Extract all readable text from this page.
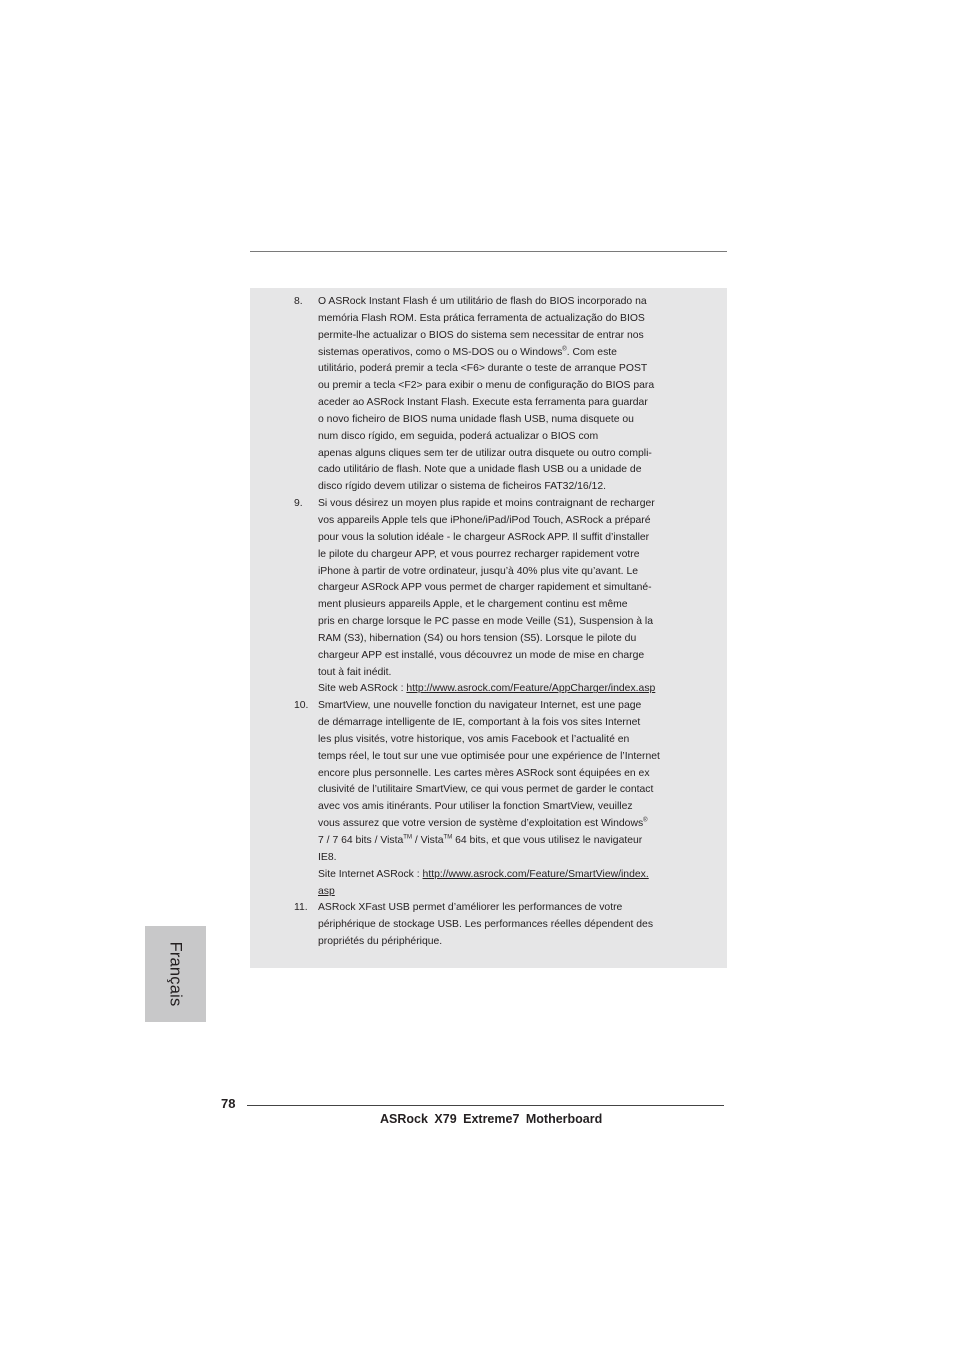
8. O ASRock Instant Flash é um utilitário de flash do BIOS incorporado na

memória Flash ROM. Esta prática ferramenta de actualização do BIOS

permite-lhe actualizar o BIOS do sistema sem necessitar de entrar nos

sistemas operativos, como o MS-DOS ou o Windows®. Com este

utilitário, poderá premir a tecla <F6> durante o teste de arranque POST

ou premir a tecla <F2> para exibir o menu de configuração do BIOS para

aceder ao ASRock Instant Flash. Execute esta ferramenta para guardar

o novo ficheiro de BIOS numa unidade flash USB, numa disquete ou

num disco rígido, em seguida, poderá actualizar o BIOS com

apenas alguns cliques sem ter de utilizar outra disquete ou outro compli-

cado utilitário de flash. Note que a unidade flash USB ou a unidade de

disco rígido devem utilizar o sistema de ficheiros FAT32/16/12.

9. Si vous désirez un moyen plus rapide et moins contraignant de recharger

vos appareils Apple tels que iPhone/iPad/iPod Touch, ASRock a préparé

pour vous la solution idéale - le chargeur ASRock APP. Il suffit d’installer

le pilote du chargeur APP, et vous pourrez recharger rapidement votre

iPhone à partir de votre ordinateur, jusqu’à 40% plus vite qu’avant. Le

chargeur ASRock APP vous permet de charger rapidement et simultané-

ment plusieurs appareils Apple, et le chargement continu est même

pris en charge lorsque le PC passe en mode Veille (S1), Suspension à la

RAM (S3), hibernation (S4) ou hors tension (S5). Lorsque le pilote du

chargeur APP est installé, vous découvrez un mode de mise en charge

tout à fait inédit.

Site web ASRock : http://www.asrock.com/Feature/AppCharger/index.asp

10. SmartView, une nouvelle fonction du navigateur Internet, est une page

de démarrage intelligente de IE, comportant à la fois vos sites Internet

les plus visités, votre historique, vos amis Facebook et l’actualité en

temps réel, le tout sur une vue optimisée pour une expérience de l’Internet

encore plus personnelle. Les cartes mères ASRock sont équipées en ex

clusivité de l’utilitaire SmartView, ce qui vous permet de garder le contact

avec vos amis itinérants. Pour utiliser la fonction SmartView, veuillez

vous assurez que votre version de système d’exploitation est Windows®

7 / 7 64 bits / Vista™ / Vista™ 64 bits, et que vous utilisez le navigateur

IE8.

Site Internet ASRock : http://www.asrock.com/Feature/SmartView/index.

asp

11. ASRock XFast USB permet d’améliorer les performances de votre

périphérique de stockage USB. Les performances réelles dépendent des

propriétés du périphérique.

Français
78
ASRock X79 Extreme7 Motherboard
